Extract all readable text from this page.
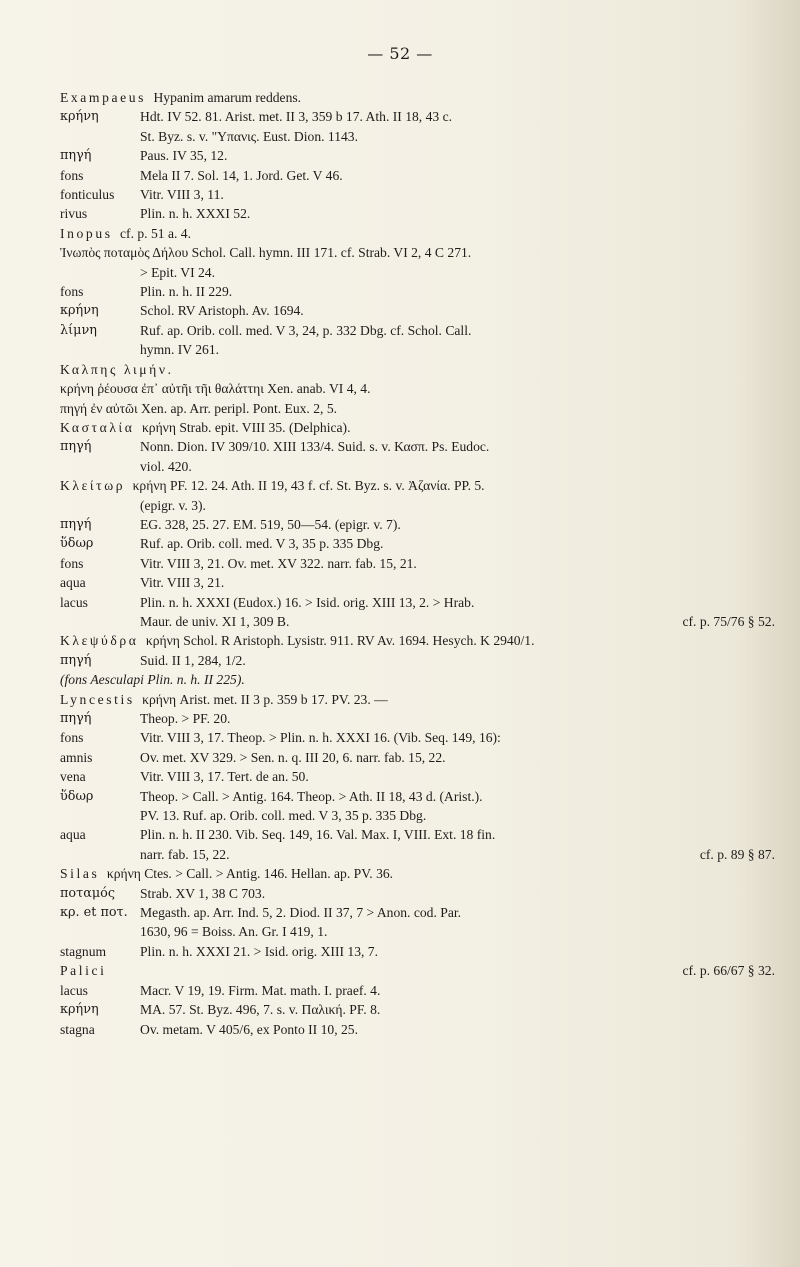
— 52 —
Exampaeus Hypanim amarum reddens.
κρήνη	Hdt. IV 52. 81. Arist. met. II 3, 359 b 17. Ath. II 18, 43 c.
St. Byz. s. v. "Υπανις. Eust. Dion. 1143.
πηγή	Paus. IV 35, 12.
fons	Mela II 7. Sol. 14, 1. Jord. Get. V 46.
fonticulus	Vitr. VIII 3, 11.
rivus	Plin. n. h. XXXI 52.
Inopus cf. p. 51 a. 4.
Ἰνωπὸς ποταμὸς Δήλου Schol. Call. hymn. III 171. cf. Strab. VI 2, 4 C 271.
> Epit. VI 24.
fons	Plin. n. h. II 229.
κρήνη	Schol. RV Aristoph. Av. 1694.
λίμνη	Ruf. ap. Orib. coll. med. V 3, 24, p. 332 Dbg. cf. Schol. Call.
hymn. IV 261.
Καλπης λιμήν.
κρήνη ῥέουσα ἐπ᾽ αὐτῆι τῆι θαλάττηι Xen. anab. VI 4, 4.
πηγή ἐν αὐτῶι Xen. ap. Arr. peripl. Pont. Eux. 2, 5.
Κασταλία κρήνη Strab. epit. VIII 35. (Delphica).
πηγή	Nonn. Dion. IV 309/10. XIII 133/4. Suid. s. v. Κασπ. Ps. Eudoc.
viol. 420.
Κλείτωρ κρήνη PF. 12. 24. Ath. II 19, 43 f. cf. St. Byz. s. v. Ἀζανία. PP. 5.
(epigr. v. 3).
πηγή	EG. 328, 25. 27. EM. 519, 50—54. (epigr. v. 7).
ὕδωρ	Ruf. ap. Orib. coll. med. V 3, 35 p. 335 Dbg.
fons	Vitr. VIII 3, 21. Ov. met. XV 322. narr. fab. 15, 21.
aqua	Vitr. VIII 3, 21.
lacus	Plin. n. h. XXXI (Eudox.) 16. > Isid. orig. XIII 13, 2. > Hrab.
Maur. de univ. XI 1, 309 B.	cf. p. 75/76 § 52.
Κλεψύδρα κρήνη Schol. R Aristoph. Lysistr. 911. RV Av. 1694. Hesych. K 2940/1.
πηγή	Suid. II 1, 284, 1/2.
(fons Aesculapi Plin. n. h. II 225).
Lyncestis κρήνη Arist. met. II 3 p. 359 b 17. PV. 23. —
πηγή	Theop. > PF. 20.
fons	Vitr. VIII 3, 17. Theop. > Plin. n. h. XXXI 16. (Vib. Seq. 149, 16):
amnis	Ov. met. XV 329. > Sen. n. q. III 20, 6. narr. fab. 15, 22.
vena	Vitr. VIII 3, 17. Tert. de an. 50.
ὕδωρ	Theop. > Call. > Antig. 164. Theop. > Ath. II 18, 43 d. (Arist.).
PV. 13. Ruf. ap. Orib. coll. med. V 3, 35 p. 335 Dbg.
aqua	Plin. n. h. II 230. Vib. Seq. 149, 16. Val. Max. I, VIII. Ext. 18 fin.
narr. fab. 15, 22.	cf. p. 89 § 87.
Silas κρήνη Ctes. > Call. > Antig. 146. Hellan. ap. PV. 36.
ποταμός	Strab. XV 1, 38 C 703.
κρ. et ποτ. Megasth. ap. Arr. Ind. 5, 2. Diod. II 37, 7 > Anon. cod. Par.
1630, 96 = Boiss. An. Gr. I 419, 1.
stagnum	Plin. n. h. XXXI 21. > Isid. orig. XIII 13, 7.
Palici	cf. p. 66/67 § 32.
lacus	Macr. V 19, 19. Firm. Mat. math. I. praef. 4.
κρήνη	MA. 57. St. Byz. 496, 7. s. v. Παλική. PF. 8.
stagna	Ov. metam. V 405/6, ex Ponto II 10, 25.
